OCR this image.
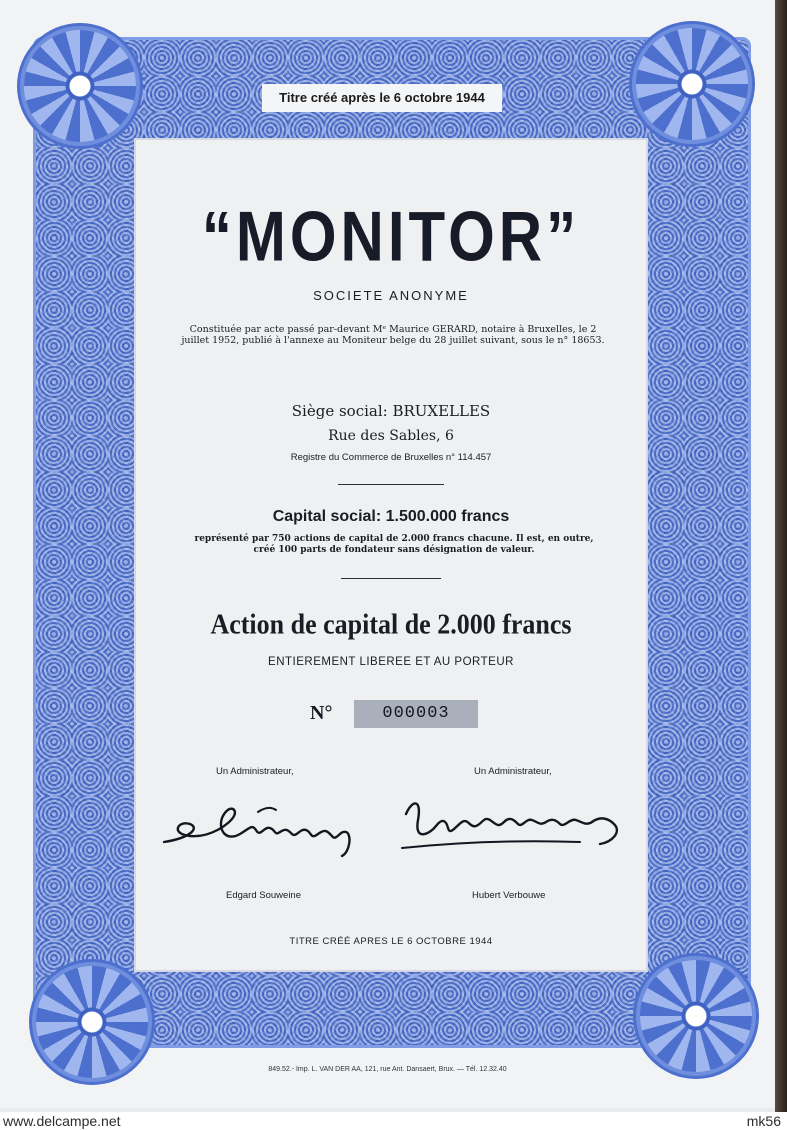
Titre créé après le 6 octobre 1944
“MONITOR”
SOCIETE ANONYME
Constituée par acte passé par-devant Mᵉ Maurice GERARD, notaire à Bruxelles, le 2 juillet 1952, publié à l'annexe au Moniteur belge du 28 juillet suivant, sous le n° 18653.
Siège social: BRUXELLES
Rue des Sables, 6
Registre du Commerce de Bruxelles n° 114.457
Capital social: 1.500.000 francs
représenté par 750 actions de capital de 2.000 francs chacune. Il est, en outre, créé 100 parts de fondateur sans désignation de valeur.
Action de capital de 2.000 francs
ENTIEREMENT LIBEREE ET AU PORTEUR
N°	000003
Un Administrateur,	Un Administrateur,
Edgard Souweine	Hubert Verbouwe
TITRE CRÉÉ APRES LE 6 OCTOBRE 1944
849.52.- Imp. L. VAN DER AA, 121, rue Ant. Dansaert, Brux. — Tél. 12.32.40
www.delcampe.net	mk56
